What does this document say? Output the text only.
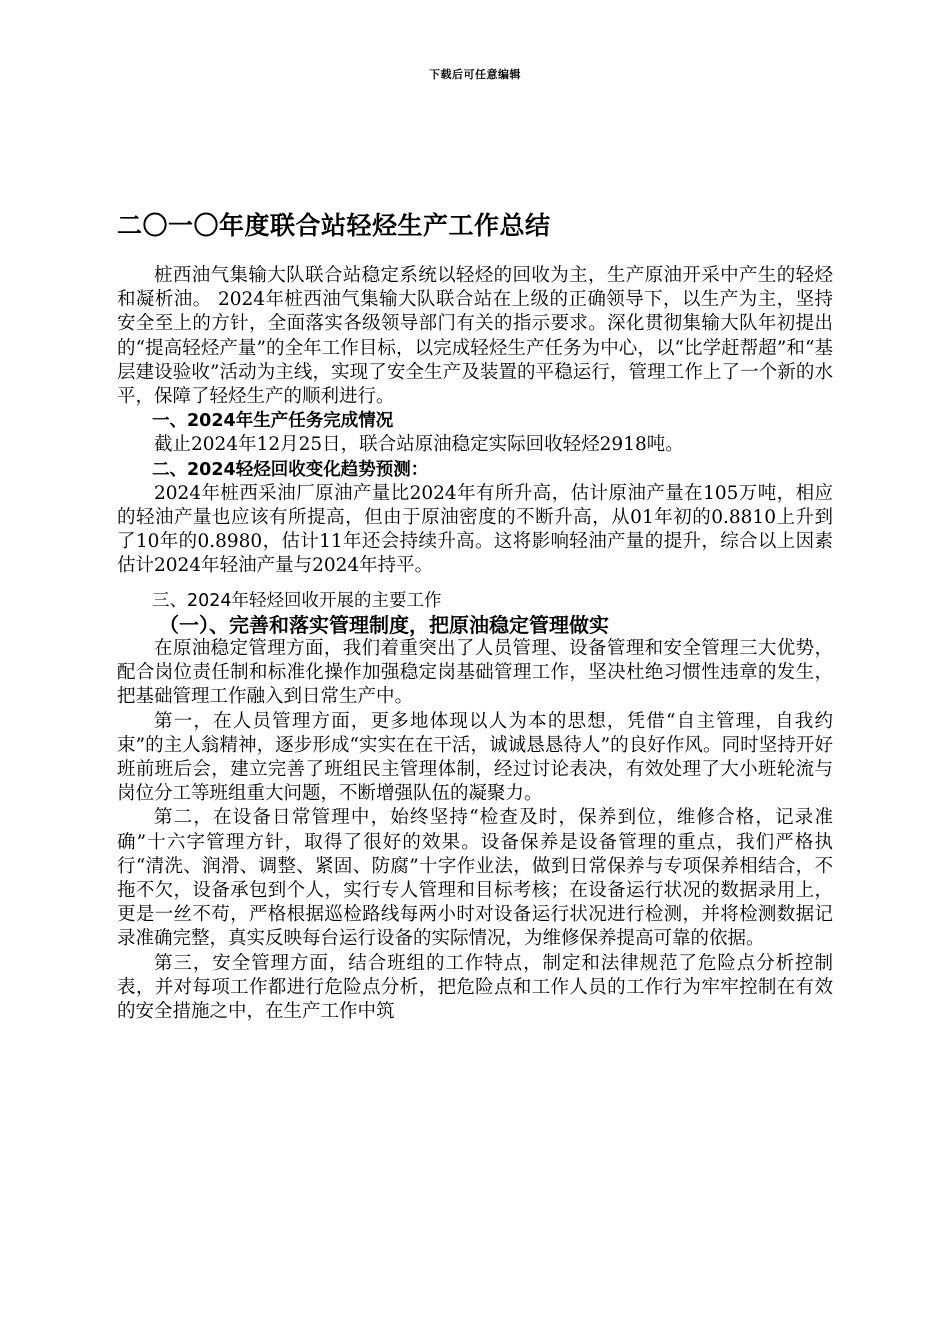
下载后可任意编辑
二〇一〇年度联合站轻烃生产工作总结

桩西油气集输大队联合站稳定系统以轻烃的回收为主，生产原油开采中产生的轻烃和凝析油。 2024年桩西油气集输大队联合站在上级的正确领导下，以生产为主，坚持安全至上的方针，全面落实各级领导部门有关的指示要求。深化贯彻集输大队年初提出的“提高轻烃产量”的全年工作目标，以完成轻烃生产任务为中心，以“比学赶帮超”和“基层建设验收”活动为主线，实现了安全生产及装置的平稳运行，管理工作上了一个新的水平，保障了轻烃生产的顺利进行。

一、2024年生产任务完成情况

截止2024年12月25日，联合站原油稳定实际回收轻烃2918吨。

二、2024轻烃回收变化趋势预测：

2024年桩西采油厂原油产量比2024年有所升高，估计原油产量在105万吨，相应的轻油产量也应该有所提高，但由于原油密度的不断升高，从01年初的0.8810上升到了10年的0.8980，估计11年还会持续升高。这将影响轻油产量的提升，综合以上因素估计2024年轻油产量与2024年持平。

三、2024年轻烃回收开展的主要工作
（一）、完善和落实管理制度，把原油稳定管理做实

在原油稳定管理方面，我们着重突出了人员管理、设备管理和安全管理三大优势，配合岗位责任制和标准化操作加强稳定岗基础管理工作，坚决杜绝习惯性违章的发生，把基础管理工作融入到日常生产中。

第一，在人员管理方面，更多地体现以人为本的思想，凭借“自主管理，自我约束”的主人翁精神，逐步形成“实实在在干活，诚诚恳恳待人”的良好作风。同时坚持开好班前班后会，建立完善了班组民主管理体制，经过讨论表决，有效处理了大小班轮流与岗位分工等班组重大问题，不断增强队伍的凝聚力。

第二，在设备日常管理中，始终坚持“检查及时，保养到位，维修合格，记录准确”十六字管理方针，取得了很好的效果。设备保养是设备管理的重点，我们严格执行“清洗、润滑、调整、紧固、防腐”十字作业法，做到日常保养与专项保养相结合，不拖不欠，设备承包到个人，实行专人管理和目标考核；在设备运行状况的数据录用上，更是一丝不苟，严格根据巡检路线每两小时对设备运行状况进行检测，并将检测数据记录准确完整，真实反映每台运行设备的实际情况，为维修保养提高可靠的依据。

第三，安全管理方面，结合班组的工作特点，制定和法律规范了危险点分析控制表，并对每项工作都进行危险点分析，把危险点和工作人员的工作行为牢牢控制在有效的安全措施之中，在生产工作中筑
